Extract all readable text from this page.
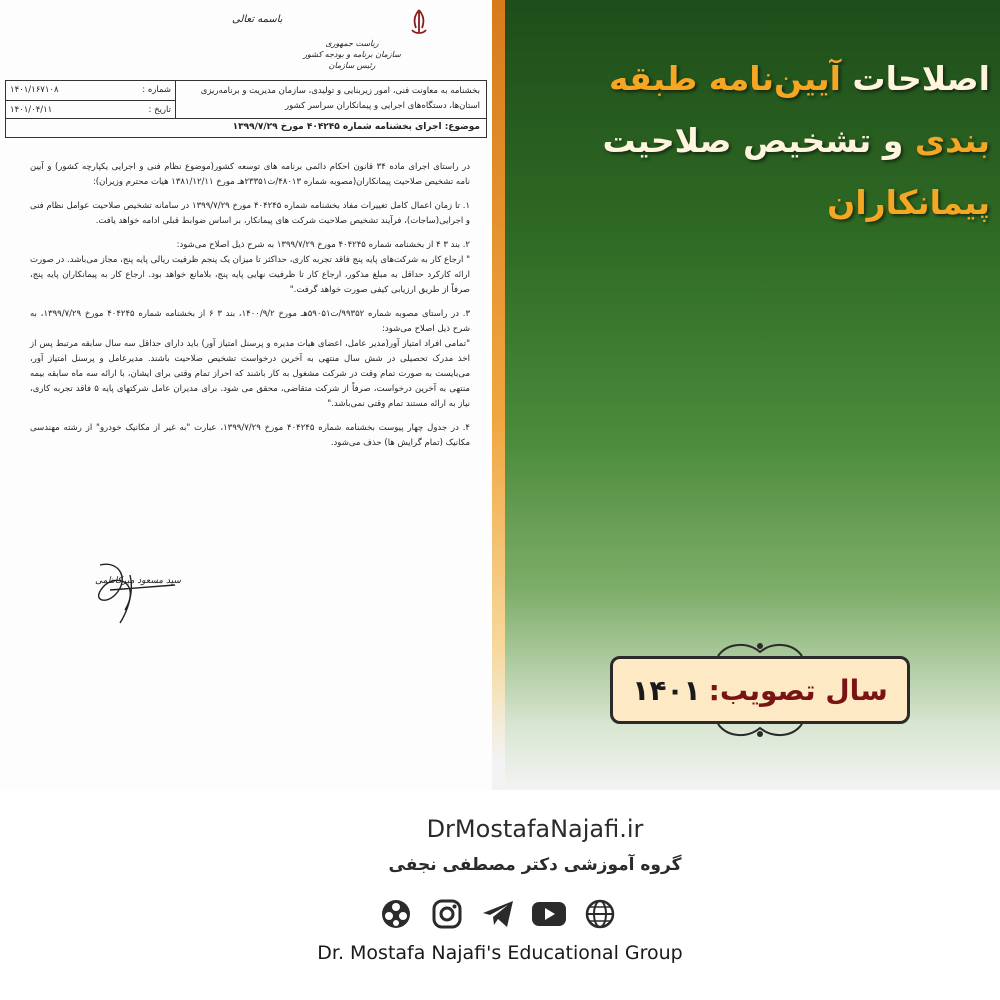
باسمه تعالی
ریاست جمهوری
سازمان برنامه و بودجه کشور
رئیس سازمان
بخشنامه به معاونت فنی، امور زیربنایی و تولیدی، سازمان مدیریت و برنامه‌ریزی
استان‌ها، دستگاه‌های اجرایی و پیمانکاران سراسر کشور
شماره :
۱۴۰۱/۱۶۷۱۰۸
تاریخ :
۱۴۰۱/۰۴/۱۱
موضوع: اجرای بخشنامه شماره ۴۰۴۲۴۵ مورخ ۱۳۹۹/۷/۲۹

در راستای اجرای ماده ۳۴ قانون احکام دائمی برنامه های توسعه کشور(موضوع نظام فنی و اجرایی یکپارچه کشور) و آیین نامه تشخیص صلاحیت پیمانکاران(مصوبه شماره ۴۸۰۱۳/ت۲۳۳۵۱هـ مورخ ۱۳۸۱/۱۲/۱۱ هیات محترم وزیران):

۱. تا زمان اعمال کامل تغییرات مفاد بخشنامه شماره ۴۰۴۲۴۵ مورخ ۱۳۹۹/۷/۲۹ در سامانه تشخیص صلاحیت عوامل نظام فنی و اجرایی(ساجات)، فرآیند تشخیص صلاحیت شرکت های پیمانکار، بر اساس ضوابط قبلی ادامه خواهد یافت.

۲. بند ۳ ۴ از بخشنامه شماره ۴۰۴۲۴۵ مورخ ۱۳۹۹/۷/۲۹ به شرح ذیل اصلاح می‌شود:
" ارجاع کار به شرکت‌های پایه پنج فاقد تجربه کاری، حداکثر تا میزان یک پنجم ظرفیت ریالی پایه پنج، مجاز می‌باشد. در صورت ارائه کارکرد حداقل به مبلغ مذکور، ارجاع کار تا ظرفیت نهایی پایه پنج، بلامانع خواهد بود. ارجاع کار به پیمانکاران پایه پنج، صرفاً از طریق ارزیابی کیفی صورت خواهد گرفت."

۳. در راستای مصوبه شماره ۹۹۳۵۲/ت۵۹۰۵۱هـ مورخ ۱۴۰۰/۹/۲، بند ۳ ۶ از بخشنامه شماره ۴۰۴۲۴۵ مورخ ۱۳۹۹/۷/۲۹، به شرح ذیل اصلاح می‌شود:
"تمامی افراد امتیاز آور(مدیر عامل، اعضای هیات مدیره و پرسنل امتیاز آور) باید دارای حداقل سه سال سابقه مرتبط پس از اخذ مدرک تحصیلی در شش سال منتهی به آخرین درخواست تشخیص صلاحیت باشند. مدیرعامل و پرسنل امتیاز آور، می‌بایست به صورت تمام وقت در شرکت مشغول به کار باشند که احراز تمام وقتی برای ایشان، با ارائه سه ماه سابقه بیمه منتهی به آخرین درخواست، صرفاً از شرکت متقاضی، محقق می شود. برای مدیران عامل شرکتهای پایه ۵ فاقد تجربه کاری، نیاز به ارائه مستند تمام وقتی نمی‌باشد."

۴. در جدول چهار پیوست بخشنامه شماره ۴۰۴۲۴۵ مورخ ۱۳۹۹/۷/۲۹، عبارت "به غیر از مکانیک خودرو" از رشته مهندسی مکانیک (تمام گرایش ها) حذف می‌شود.

سید مسعود میرکاظمی
اصلاحات آیین‌نامه طبقه
بندی و تشخیص صلاحیت
پیمانکاران
سال تصویب:
۱۴۰۱
DrMostafaNajafi.ir
گروه آموزشی دکتر مصطفی نجفی
Dr. Mostafa Najafi's Educational Group
